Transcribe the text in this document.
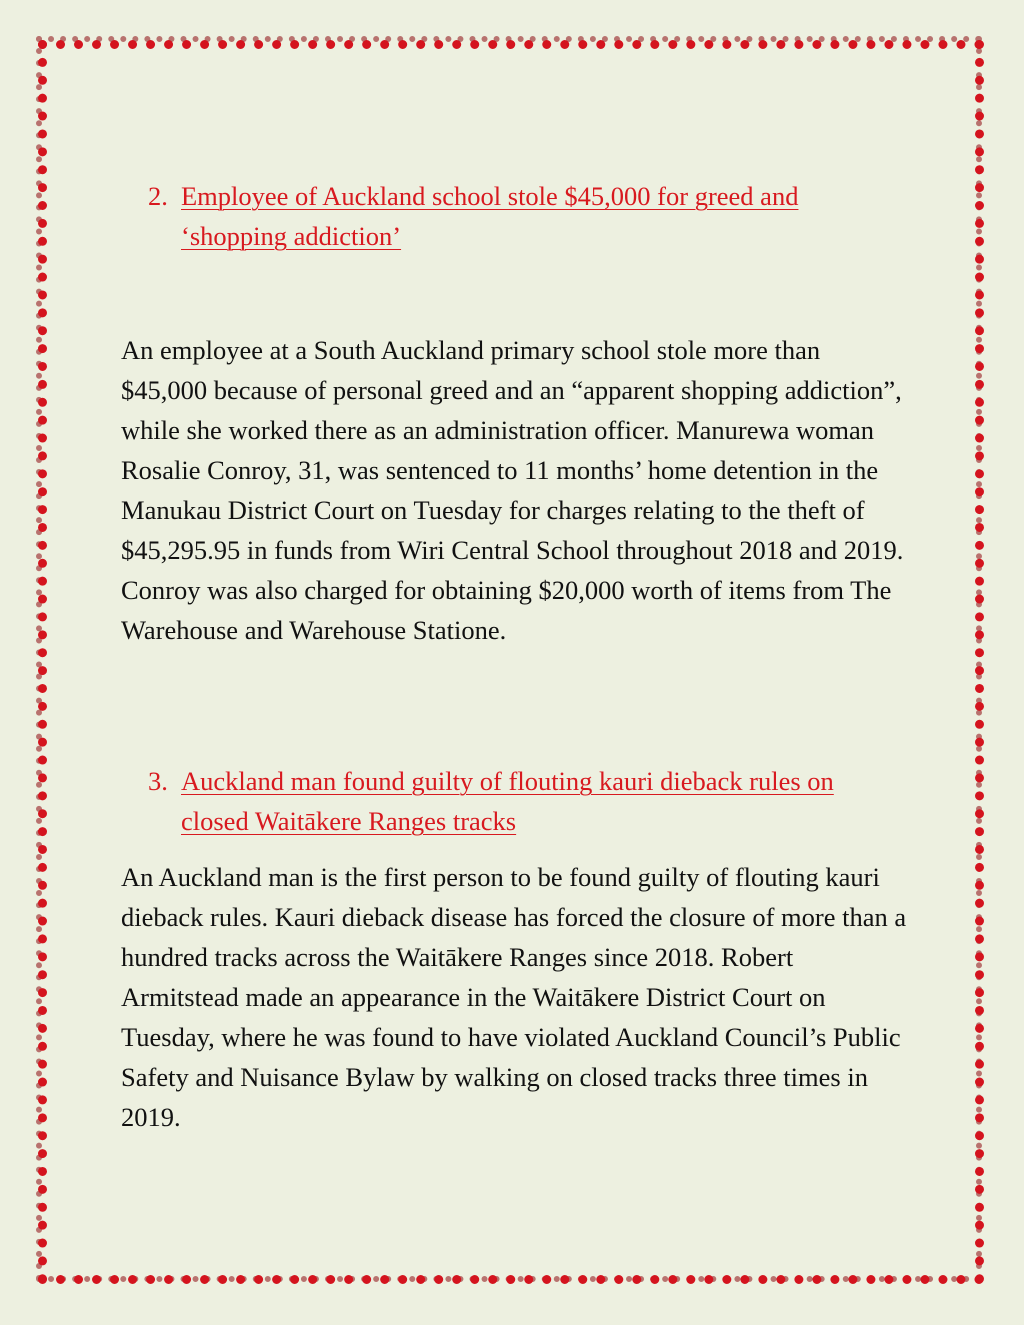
2. Employee of Auckland school stole $45,000 for greed and ‘shopping addiction’

An employee at a South Auckland primary school stole more than $45,000 because of personal greed and an “apparent shopping addiction”, while she worked there as an administration officer. Manurewa woman Rosalie Conroy, 31, was sentenced to 11 months’ home detention in the Manukau District Court on Tuesday for charges relating to the theft of $45,295.95 in funds from Wiri Central School throughout 2018 and 2019. Conroy was also charged for obtaining $20,000 worth of items from The Warehouse and Warehouse Statione.

3. Auckland man found guilty of flouting kauri dieback rules on closed Waitākere Ranges tracks

An Auckland man is the first person to be found guilty of flouting kauri dieback rules. Kauri dieback disease has forced the closure of more than a hundred tracks across the Waitākere Ranges since 2018. Robert Armitstead made an appearance in the Waitākere District Court on Tuesday, where he was found to have violated Auckland Council’s Public Safety and Nuisance Bylaw by walking on closed tracks three times in 2019.
